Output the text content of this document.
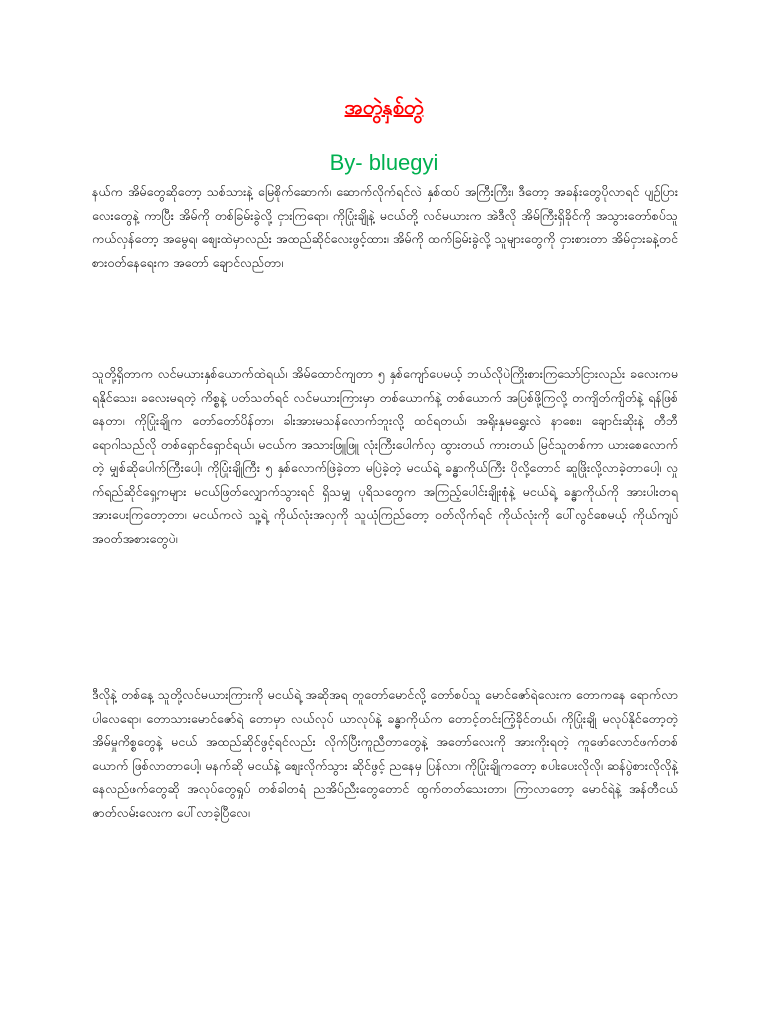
အတွဲနှစ်တွဲ
By- bluegyi

နယ်က အိမ်တွေဆိုတော့ သစ်သားနဲ့ မြေစိုက်ဆောက်၊ ဆောက်လိုက်ရင်လဲ နှစ်ထပ် အကြီးကြီး၊ ဒီတော့ အခန်းတွေပိုလာရင် ပျဉ်ပြားလေးတွေနဲ့ ကာပြီး အိမ်ကို တစ်ခြမ်းခွဲလို့ ငှားကြရော၊ ကိုပြုံးချိုနဲ့ မငယ်တို့ လင်မယားက အဲဒီလို အိမ်ကြီးရှိခိုင်ကို အသွားတော်စပ်သူကယ်လှန်တော့ အမွေရ၊ စျေးထဲမှာလည်း အထည်ဆိုင်လေးဖွင့်ထား၊ အိမ်ကို ထက်ခြမ်းခွဲလို့ သူများတွေကို ငှားစားတာ အိမ်ငှားခနဲ့တင် စားဝတ်နေရေးက အတော် ချောင်လည်တာ၊

သူတို့ရှိတာက လင်မယားနှစ်ယောက်ထဲရယ်၊ အိမ်ထောင်ကျတာ ၅ နှစ်ကျော်ပေမယ့် ဘယ်လိုပဲကြိုးစားကြသော်ငြားလည်း ခလေးကမရနိုင်သေး၊ ခလေးမရတဲ့ ကိစ္စနဲ့ ပတ်သတ်ရင် လင်မယားကြားမှာ တစ်ယောက်နဲ့ တစ်ယောက် အပြစ်ဖို့ကြလို့ တကျိတ်ကျိတ်နဲ့ ရန်ဖြစ်နေတာ၊ ကိုပြုံးချိုက တော်တော်ပိန်တာ၊ ခါးအားမသန်လောက်ဘူးလို့ ထင်ရတယ်၊ အရိုးနှမရွှေးလဲ နာစေး၊ ချောင်းဆိုးနဲ့ တီဘီရောဂါသည်လို တစ်ရှောင်ရှောင်ရယ်၊ မငယ်က အသားဖြူဖြူ လုံးကြီးပေါက်လှ ထွားတယ် ကားတယ် မြင်သူတစ်ကာ ယားစေလောက်တဲ့ မျှစ်ဆိုပေါက်ကြီးပေါ့၊ ကိုပြုံးချိုကြီး ၅ နှစ်လောက်ဖြဲခဲ့တာ မပြဲခဲ့တဲ့ မငယ်ရဲ့ ခန္ဓာကိုယ်ကြီး ပိုလို့တောင် ဆူဖြိုးလို့လာခဲ့တာပေါ့၊ လှုက်ရည်ဆိုင်ရှေ့ကများ မငယ်ဖြတ်လျှောက်သွားရင် ရှိသမျှ ပုရိသတွေက အကြည့်ပေါင်းချိုးစုံနဲ့ မငယ်ရဲ့ ခန္ဓာကိုယ်ကို အားပါးတရ အားပေးကြတော့တာ၊ မငယ်ကလဲ သူ့ရဲ့ ကိုယ်လုံးအလှကို သူယုံကြည်တော့ ဝတ်လိုက်ရင် ကိုယ်လုံးကို ပေါ်လွင်စေမယ့် ကိုယ်ကျပ်အဝတ်အစားတွေပဲ၊

ဒီလိုနဲ့ တစ်နေ့ သူတို့လင်မယားကြားကို မငယ်ရဲ့ အဆိုအရ တူတော်မောင်လို့ တော်စပ်သူ မောင်ဇော်ရဲလေးက တောကနေ ရောက်လာပါလေရော၊ တောသားမောင်ဇော်ရဲ တောမှာ လယ်လုပ် ယာလုပ်နဲ့ ခန္ဓာကိုယ်က တောင့်တင်းကြံ့ခိုင်တယ်၊ ကိုပြုံးချို မလုပ်နိုင်တော့တဲ့ အိမ်မှုကိစ္စတွေနဲ့ မငယ် အထည်ဆိုင်ဖွင့်ရင်လည်း လိုက်ပြီးကူညီတာတွေနဲ့ အတော်လေးကို အားကိုးရတဲ့ ကူဖော်လောင်ဖက်တစ်ယောက် ဖြစ်လာတာပေါ့၊ မနက်ဆို မငယ်နဲ့ စျေးလိုက်သွား ဆိုင်ဖွင့် ညနေမှ ပြန်လာ၊ ကိုပြုံးချိုကတော့ စပါးပေးလိုလို၊ ဆန်ပွဲစားလိုလိုနဲ့ နေလည်ဖက်တွေဆို အလုပ်တွေရှုပ် တစ်ခါတရံ ညအိပ်ညီးတွေတောင် ထွက်တတ်သေးတာ၊ ကြာလာတော့ မောင်ရဲနဲ့ အန်တီငယ်ဇာတ်လမ်းလေးက ပေါ်လာခဲ့ပြီလေ၊
